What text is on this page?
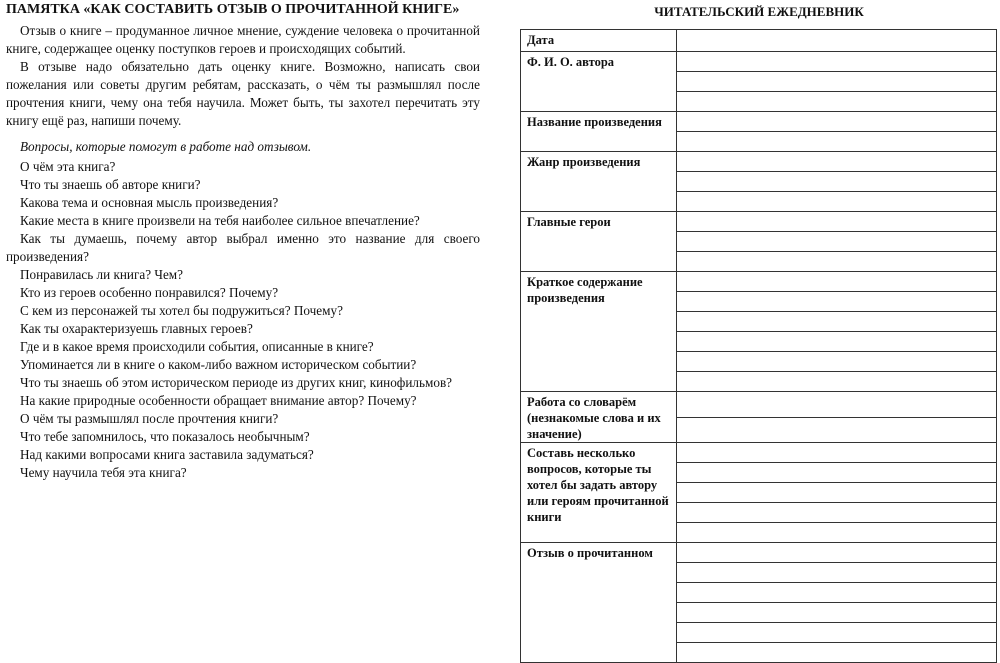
ПАМЯТКА «КАК СОСТАВИТЬ ОТЗЫВ О ПРОЧИТАННОЙ КНИГЕ»

Отзыв о книге – продуманное личное мнение, суждение человека о прочитанной книге, содержащее оценку поступков героев и происходящих событий.

В отзыве надо обязательно дать оценку книге. Возможно, написать свои пожелания или советы другим ребятам, рассказать, о чём ты размышлял после прочтения книги, чему она тебя научила. Может быть, ты захотел перечитать эту книгу ещё раз, напиши почему.

Вопросы, которые помогут в работе над отзывом.

О чём эта книга?

Что ты знаешь об авторе книги?

Какова тема и основная мысль произведения?

Какие места в книге произвели на тебя наиболее сильное впечатление?

Как ты думаешь, почему автор выбрал именно это название для своего произведения?

Понравилась ли книга? Чем?

Кто из героев особенно понравился? Почему?

С кем из персонажей ты хотел бы подружиться? Почему?

Как ты охарактеризуешь главных героев?

Где и в какое время происходили события, описанные в книге?

Упоминается ли в книге о каком-либо важном историческом событии?

Что ты знаешь об этом историческом периоде из других книг, кинофильмов?

На какие природные особенности обращает внимание автор? Почему?

О чём ты размышлял после прочтения книги?

Что тебе запомнилось, что показалось необычным?

Над какими вопросами книга заставила задуматься?

Чему научила тебя эта книга?

ЧИТАТЕЛЬСКИЙ ЕЖЕДНЕВНИК
Дата	
Ф. И. О. автора	

Название произведения	

Жанр произведения	

Главные герои	

Краткое содержание произведения	

Работа со словарём (незнакомые слова и их значение)	

Составь несколько вопросов, которые ты хотел бы задать автору или героям прочитанной книги	

Отзыв о прочитанном	
